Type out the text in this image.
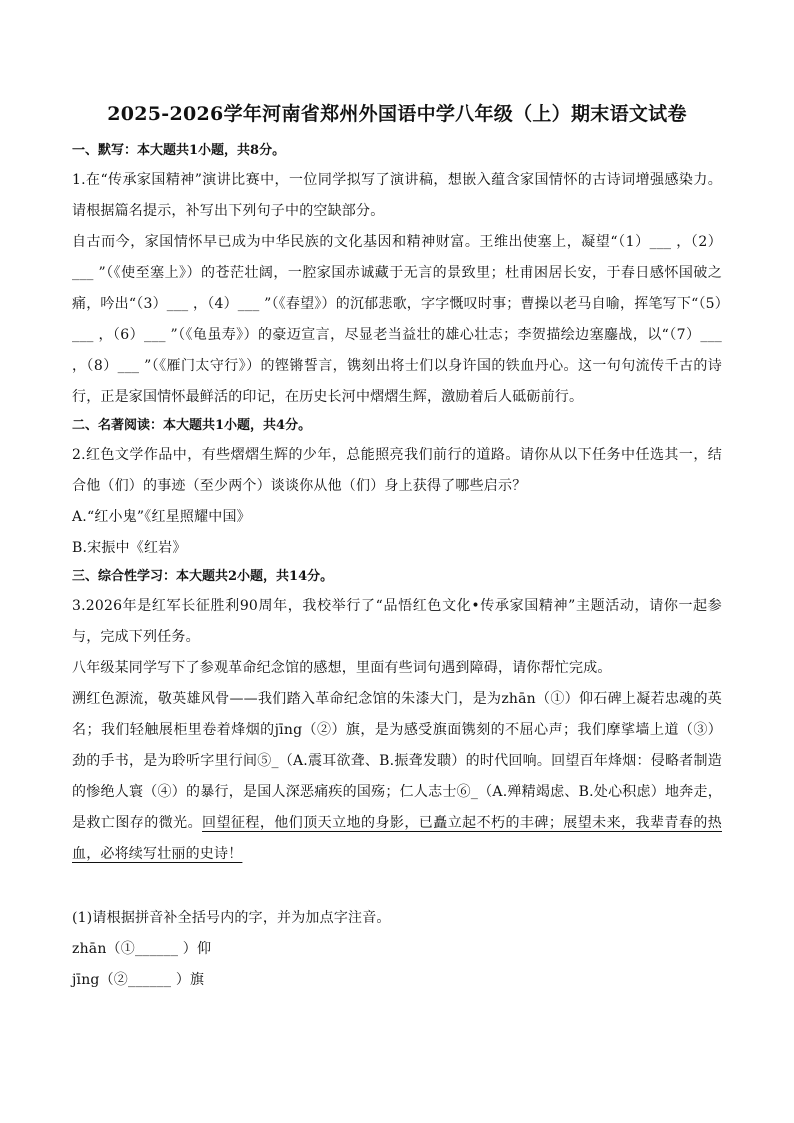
2025-2026学年河南省郑州外国语中学八年级（上）期末语文试卷
一、默写：本大题共1小题，共8分。

1.在“传承家国精神”演讲比赛中，一位同学拟写了演讲稿，想嵌入蕴含家国情怀的古诗词增强感染力。请根据篇名提示，补写出下列句子中的空缺部分。

自古而今，家国情怀早已成为中华民族的文化基因和精神财富。王维出使塞上，凝望“（1）___ ，（2）___ ”（《使至塞上》）的苍茫壮阔，一腔家国赤诚藏于无言的景致里；杜甫困居长安，于春日感怀国破之痛，吟出“（3）___ ，（4）___ ”（《春望》）的沉郁悲歌，字字慨叹时事；曹操以老马自喻，挥笔写下“（5）___ ，（6）___ ”（《龟虽寿》）的豪迈宣言，尽显老当益壮的雄心壮志；李贺描绘边塞鏖战，以“（7）___ ，（8）___ ”（《雁门太守行》）的铿锵誓言，镌刻出将士们以身许国的铁血丹心。这一句句流传千古的诗行，正是家国情怀最鲜活的印记，在历史长河中熠熠生辉，激励着后人砥砺前行。

二、名著阅读：本大题共1小题，共4分。

2.红色文学作品中，有些熠熠生辉的少年，总能照亮我们前行的道路。请你从以下任务中任选其一，结合他（们）的事迹（至少两个）谈谈你从他（们）身上获得了哪些启示？

A.“红小鬼”《红星照耀中国》

B.宋振中《红岩》

三、综合性学习：本大题共2小题，共14分。

3.2026年是红军长征胜利90周年，我校举行了“品悟红色文化•传承家国精神”主题活动，请你一起参与，完成下列任务。

八年级某同学写下了参观革命纪念馆的感想，里面有些词句遇到障碍，请你帮忙完成。

溯红色源流，敬英雄风骨——我们踏入革命纪念馆的朱漆大门，是为zhān（①）仰石碑上凝若忠魂的英名；我们轻触展柜里卷着烽烟的jīng（②）旗，是为感受旗面镌刻的不屈心声；我们摩挲墙上道（③）劲的手书，是为聆听字里行间⑤_（A.震耳欲聋、B.振聋发聩）的时代回响。回望百年烽烟：侵略者制造的惨绝人寰（④）的暴行，是国人深恶痛疾的国殇；仁人志士⑥_（A.殚精竭虑、B.处心积虑）地奔走，是救亡图存的微光。回望征程，他们顶天立地的身影，已矗立起不朽的丰碑；展望未来，我辈青春的热血，必将续写壮丽的史诗！

(1)请根据拼音补全括号内的字，并为加点字注音。

zhān（①______ ）仰

jīng（②______ ）旗
